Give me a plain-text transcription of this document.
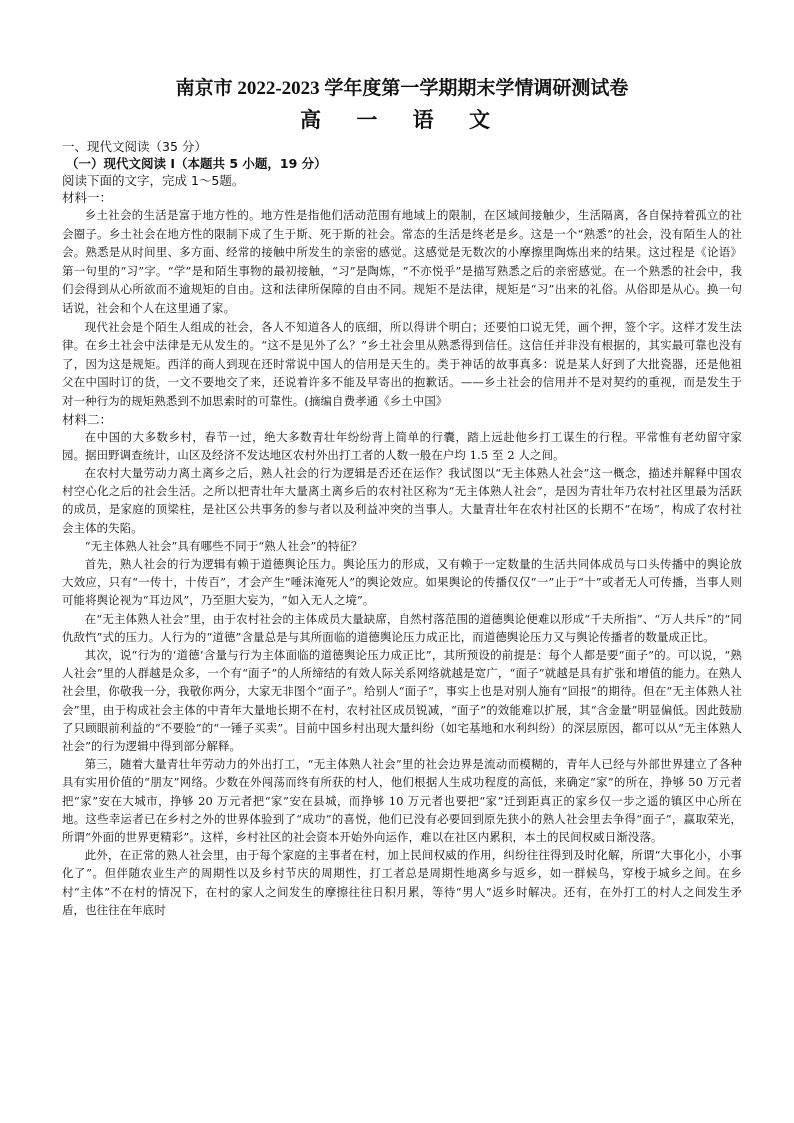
南京市 2022-2023 学年度第一学期期末学情调研测试卷
高 一 语 文

一、现代文阅读（35 分）

（一）现代文阅读 I（本题共 5 小题，19 分）

阅读下面的文字，完成 1～5题。

材料一：

乡土社会的生活是富于地方性的。地方性是指他们活动范围有地域上的限制，在区域间接触少，生活隔离，各自保持着孤立的社会圈子。乡土社会在地方性的限制下成了生于斯、死于斯的社会。常态的生活是终老是乡。这是一个“熟悉”的社会，没有陌生人的社会。熟悉是从时间里、多方面、经常的接触中所发生的亲密的感觉。这感觉是无数次的小摩擦里陶炼出来的结果。这过程是《论语》第一句里的“习”字。“学”是和陌生事物的最初接触，“习”是陶炼，“不亦悦乎”是描写熟悉之后的亲密感觉。在一个熟悉的社会中，我们会得到从心所欲而不逾规矩的自由。这和法律所保障的自由不同。规矩不是法律，规矩是“习”出来的礼俗。从俗即是从心。换一句话说，社会和个人在这里通了家。

现代社会是个陌生人组成的社会，各人不知道各人的底细，所以得讲个明白；还要怕口说无凭，画个押，签个字。这样才发生法律。在乡土社会中法律是无从发生的。“这不是见外了么？”乡土社会里从熟悉得到信任。这信任并非没有根据的，其实最可靠也没有了，因为这是规矩。西洋的商人到现在还时常说中国人的信用是天生的。类于神话的故事真多：说是某人好到了大批瓷器，还是他祖父在中国时订的货，一文不要地交了来，还说着许多不能及早寄出的抱歉话。——乡土社会的信用并不是对契约的重视，而是发生于对一种行为的规矩熟悉到不加思索时的可靠性。(摘编自费孝通《乡土中国》

材料二：

在中国的大多数乡村，春节一过，绝大多数青壮年纷纷背上简单的行囊，踏上远赴他乡打工谋生的行程。平常惟有老幼留守家园。据田野调查统计，山区及经济不发达地区农村外出打工者的人数一般在户均 1.5 至 2 人之间。

在农村大量劳动力离土离乡之后，熟人社会的行为逻辑是否还在运作？我试图以“无主体熟人社会”这一概念，描述并解释中国农村空心化之后的社会生活。之所以把青壮年大量离土离乡后的农村社区称为“无主体熟人社会”，是因为青壮年乃农村社区里最为活跃的成员，是家庭的顶梁柱，是社区公共事务的参与者以及利益冲突的当事人。大量青壮年在农村社区的长期不“在场”，构成了农村社会主体的失陷。

“无主体熟人社会”具有哪些不同于“熟人社会”的特征？

首先，熟人社会的行为逻辑有赖于道德舆论压力。舆论压力的形成，又有赖于一定数量的生活共同体成员与口头传播中的舆论放大效应，只有“一传十，十传百”，才会产生“唾沫淹死人”的舆论效应。如果舆论的传播仅仅“一”止于“十”或者无人可传播，当事人则可能将舆论视为“耳边风”，乃至胆大妄为，“如入无人之境”。

在“无主体熟人社会”里，由于农村社会的主体成员大量缺席，自然村落范围的道德舆论便难以形成“千夫所指”、“万人共斥”的“同仇敌忾”式的压力。人行为的“道德”含量总是与其所面临的道德舆论压力成正比，而道德舆论压力又与舆论传播者的数量成正比。

其次，说“行为的‘道德’含量与行为主体面临的道德舆论压力成正比”，其所预设的前提是：每个人都是要“面子”的。可以说，“熟人社会”里的人群越是众多，一个有“面子”的人所缔结的有效人际关系网络就越是宽广，“面子”就越是具有扩张和增值的能力。在熟人社会里，你敬我一分，我敬你两分，大家无非图个“面子”。给别人“面子”，事实上也是对别人施有“回报”的期待。但在“无主体熟人社会”里，由于构成社会主体的中青年大量地长期不在村，农村社区成员锐减，“面子”的效能难以扩展，其“含金量”明显偏低。因此鼓励了只顾眼前利益的“不要脸”的“一锤子买卖”。目前中国乡村出现大量纠纷（如宅基地和水利纠纷）的深层原因，都可以从“无主体熟人社会”的行为逻辑中得到部分解释。

第三，随着大量青壮年劳动力的外出打工，“无主体熟人社会”里的社会边界是流动而模糊的，青年人已经与外部世界建立了各种具有实用价值的“朋友”网络。少数在外闯荡而终有所获的村人，他们根据人生成功程度的高低，来确定“家”的所在，挣够 50 万元者把“家”安在大城市，挣够 20 万元者把“家”安在县城，而挣够 10 万元者也要把“家”迁到距真正的家乡仅一步之遥的镇区中心所在地。这些幸运者已在乡村之外的世界体验到了“成功”的喜悦，他们已没有必要回到原先狭小的熟人社会里去争得“面子”，赢取荣光，所谓“外面的世界更精彩”。这样，乡村社区的社会资本开始外向运作，难以在社区内累积，本土的民间权威日渐没落。

此外，在正常的熟人社会里，由于每个家庭的主事者在村，加上民间权威的作用，纠纷往往得到及时化解，所谓“大事化小，小事化了”。但伴随农业生产的周期性以及乡村节庆的周期性，打工者总是周期性地离乡与返乡，如一群候鸟，穿梭于城乡之间。在乡村“主体”不在村的情况下，在村的家人之间发生的摩擦往往日积月累，等待“男人”返乡时解决。还有，在外打工的村人之间发生矛盾，也往往在年底时
